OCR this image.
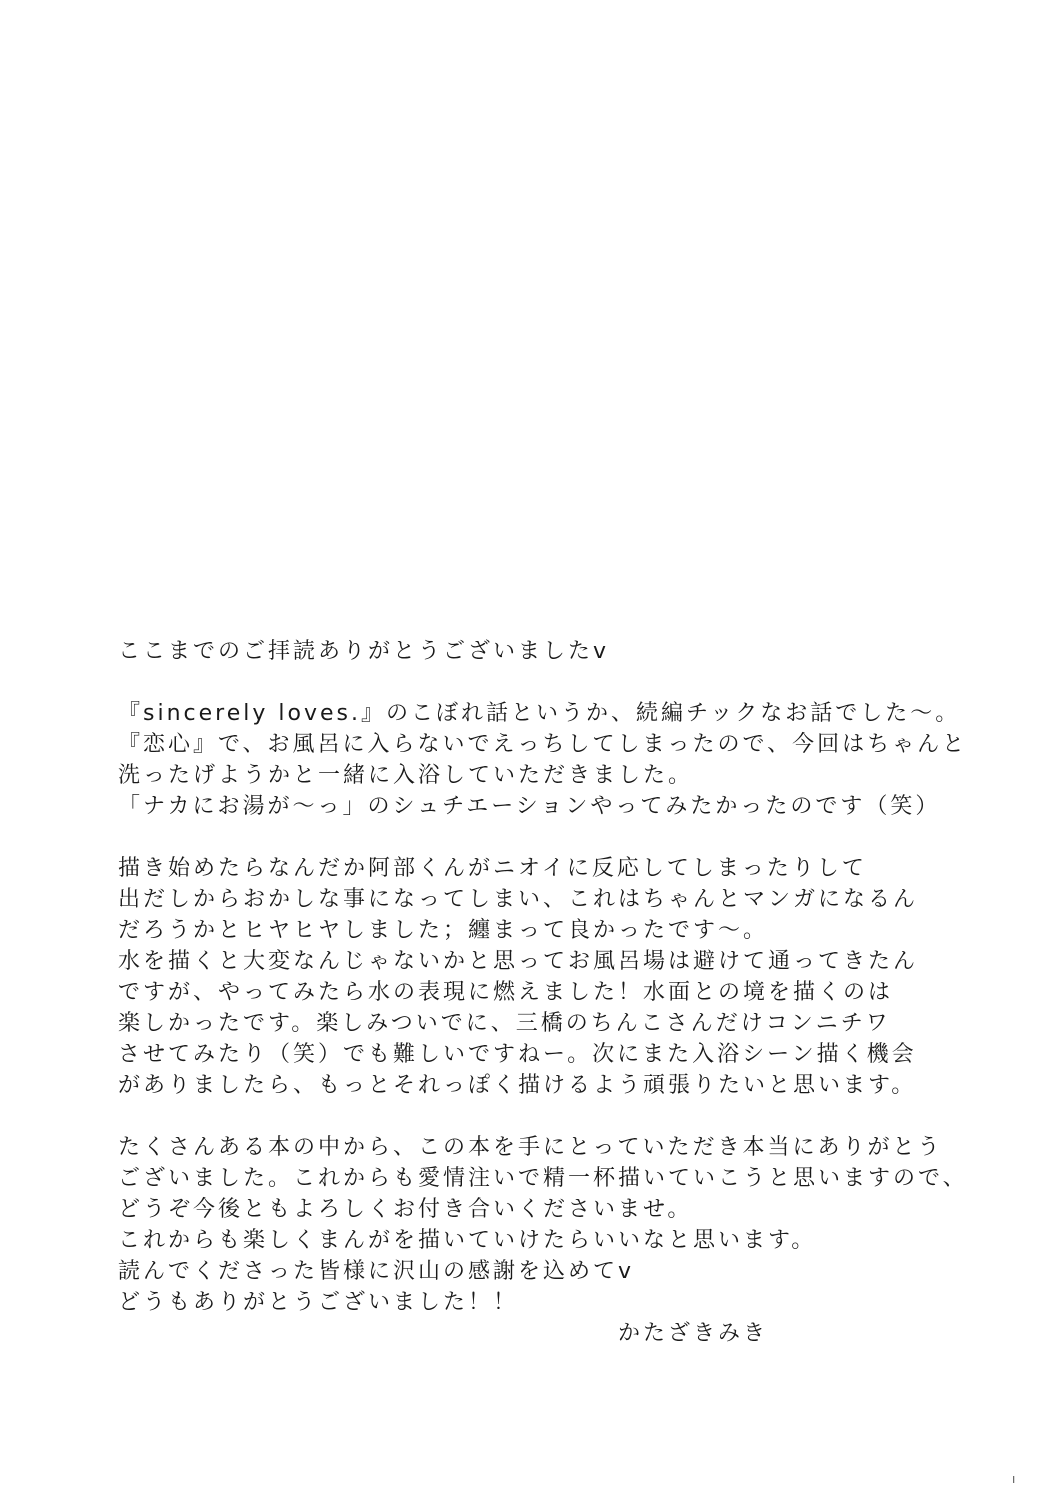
ここまでのご拝読ありがとうございましたv
『sincerely loves.』のこぼれ話というか、続編チックなお話でした～。
『恋心』で、お風呂に入らないでえっちしてしまったので、今回はちゃんと
洗ったげようかと一緒に入浴していただきました。
「ナカにお湯が～っ」のシュチエーションやってみたかったのです（笑）
描き始めたらなんだか阿部くんがニオイに反応してしまったりして
出だしからおかしな事になってしまい、これはちゃんとマンガになるん
だろうかとヒヤヒヤしました；纏まって良かったです～。
水を描くと大変なんじゃないかと思ってお風呂場は避けて通ってきたん
ですが、やってみたら水の表現に燃えました！水面との境を描くのは
楽しかったです。楽しみついでに、三橋のちんこさんだけコンニチワ
させてみたり（笑）でも難しいですねー。次にまた入浴シーン描く機会
がありましたら、もっとそれっぽく描けるよう頑張りたいと思います。
たくさんある本の中から、この本を手にとっていただき本当にありがとう
ございました。これからも愛情注いで精一杯描いていこうと思いますので、
どうぞ今後ともよろしくお付き合いくださいませ。
これからも楽しくまんがを描いていけたらいいなと思います。
読んでくださった皆様に沢山の感謝を込めてv
どうもありがとうございました！！
かたざきみき
ı
